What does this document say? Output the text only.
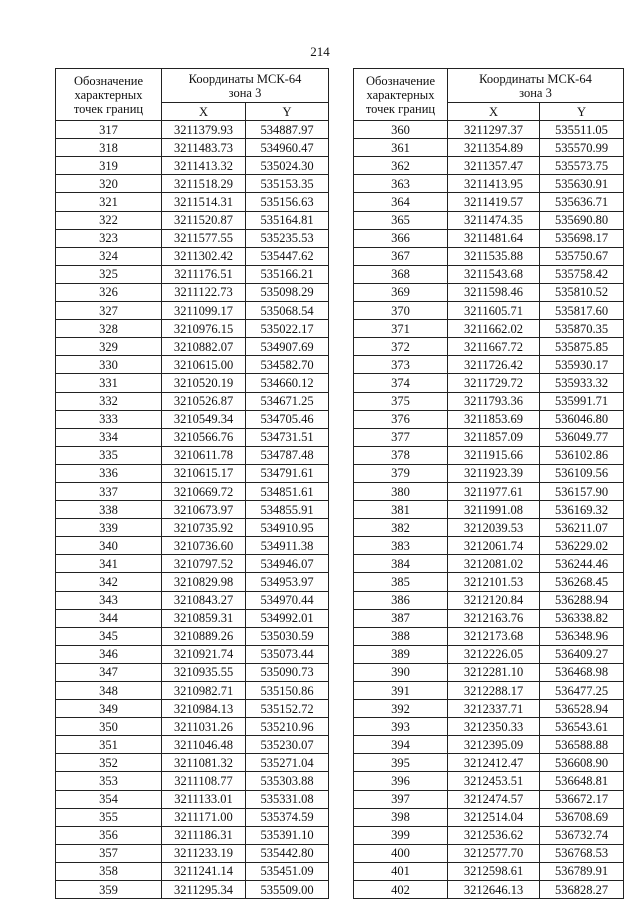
214
Обозначение характерных точек границ	Координаты МСК-64 зона 3	
	X	Y
317	3211379.93	534887.97
318	3211483.73	534960.47
319	3211413.32	535024.30
320	3211518.29	535153.35
321	3211514.31	535156.63
322	3211520.87	535164.81
323	3211577.55	535235.53
324	3211302.42	535447.62
325	3211176.51	535166.21
326	3211122.73	535098.29
327	3211099.17	535068.54
328	3210976.15	535022.17
329	3210882.07	534907.69
330	3210615.00	534582.70
331	3210520.19	534660.12
332	3210526.87	534671.25
333	3210549.34	534705.46
334	3210566.76	534731.51
335	3210611.78	534787.48
336	3210615.17	534791.61
337	3210669.72	534851.61
338	3210673.97	534855.91
339	3210735.92	534910.95
340	3210736.60	534911.38
341	3210797.52	534946.07
342	3210829.98	534953.97
343	3210843.27	534970.44
344	3210859.31	534992.01
345	3210889.26	535030.59
346	3210921.74	535073.44
347	3210935.55	535090.73
348	3210982.71	535150.86
349	3210984.13	535152.72
350	3211031.26	535210.96
351	3211046.48	535230.07
352	3211081.32	535271.04
353	3211108.77	535303.88
354	3211133.01	535331.08
355	3211171.00	535374.59
356	3211186.31	535391.10
357	3211233.19	535442.80
358	3211241.14	535451.09
359	3211295.34	535509.00
Обозначение характерных точек границ	Координаты МСК-64 зона 3	
	X	Y
360	3211297.37	535511.05
361	3211354.89	535570.99
362	3211357.47	535573.75
363	3211413.95	535630.91
364	3211419.57	535636.71
365	3211474.35	535690.80
366	3211481.64	535698.17
367	3211535.88	535750.67
368	3211543.68	535758.42
369	3211598.46	535810.52
370	3211605.71	535817.60
371	3211662.02	535870.35
372	3211667.72	535875.85
373	3211726.42	535930.17
374	3211729.72	535933.32
375	3211793.36	535991.71
376	3211853.69	536046.80
377	3211857.09	536049.77
378	3211915.66	536102.86
379	3211923.39	536109.56
380	3211977.61	536157.90
381	3211991.08	536169.32
382	3212039.53	536211.07
383	3212061.74	536229.02
384	3212081.02	536244.46
385	3212101.53	536268.45
386	3212120.84	536288.94
387	3212163.76	536338.82
388	3212173.68	536348.96
389	3212226.05	536409.27
390	3212281.10	536468.98
391	3212288.17	536477.25
392	3212337.71	536528.94
393	3212350.33	536543.61
394	3212395.09	536588.88
395	3212412.47	536608.90
396	3212453.51	536648.81
397	3212474.57	536672.17
398	3212514.04	536708.69
399	3212536.62	536732.74
400	3212577.70	536768.53
401	3212598.61	536789.91
402	3212646.13	536828.27
